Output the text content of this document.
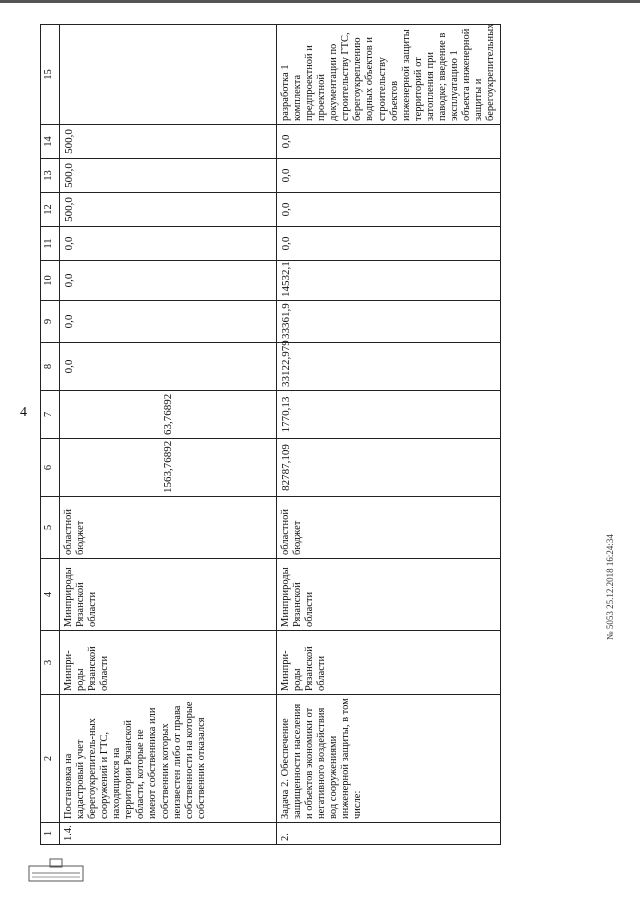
4
1	2	3	4	5	6	7	8	9	10	11	12	13	14	15
1.4.	Постановка на кадастровый учет берегоукрепитель-ных сооружений и ГТС, находящихся на территории Рязанской области, которые не имеют собственника или собственник которых неизвестен либо от права собственности на которые собственник отказался	Минпри-роды Рязанской области	Минприроды Рязанской области	областной бюджет	1563,76892	63,76892	0,0	0,0	0,0	0,0	500,0	500,0	500,0	
2.	Задача 2. Обеспечение защищенности населения и объектов экономики от негативного воздействия вод сооружениями инженерной защиты, в том числе:	Минпри-роды Рязанской области	Минприроды Рязанской области	областной бюджет	82787,109	1770,13	33122,979	33361,9	14532,1	0,0	0,0	0,0	0,0	разработка 1 комплекта предпроектной и проектной документации по строительству ГТС, берегоукреплению водных объектов и строительству объектов инженерной защиты территорий от затопления при паводке; введение в эксплуатацию 1 объекта инженерной защиты и берегоукрепительных
№ 5053 25.12.2018 16:24:34
